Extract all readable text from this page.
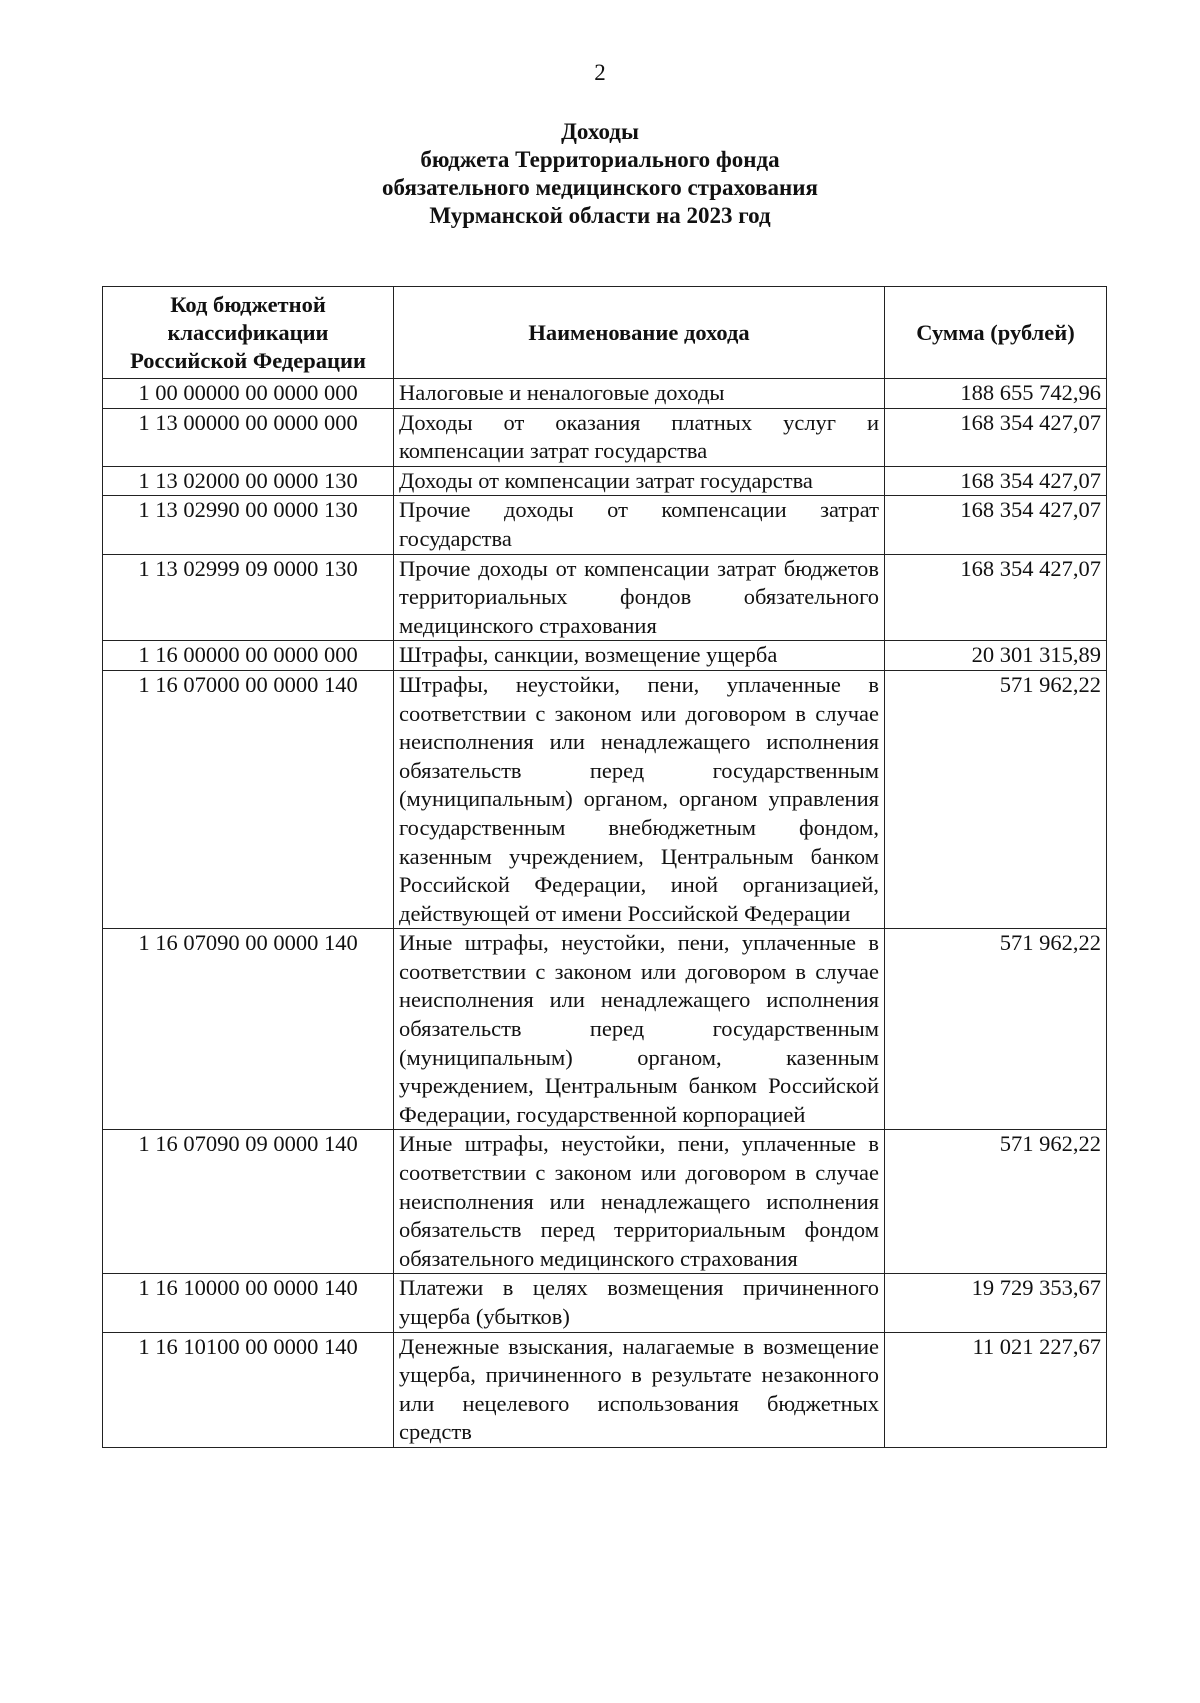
2
Доходы
бюджета Территориального фонда
обязательного медицинского страхования
Мурманской области на 2023 год
Код бюджетной классификации Российской Федерации	Наименование дохода	Сумма (рублей)
1 00 00000 00 0000 000	Налоговые и неналоговые доходы	188 655 742,96
1 13 00000 00 0000 000	Доходы от оказания платных услуг и компенсации затрат государства	168 354 427,07
1 13 02000 00 0000 130	Доходы от компенсации затрат государства	168 354 427,07
1 13 02990 00 0000 130	Прочие доходы от компенсации затрат государства	168 354 427,07
1 13 02999 09 0000 130	Прочие доходы от компенсации затрат бюджетов территориальных фондов обязательного медицинского страхования	168 354 427,07
1 16 00000 00 0000 000	Штрафы, санкции, возмещение ущерба	20 301 315,89
1 16 07000 00 0000 140	Штрафы, неустойки, пени, уплаченные в соответствии с законом или договором в случае неисполнения или ненадлежащего исполнения обязательств перед государственным (муниципальным) органом, органом управления государственным внебюджетным фондом, казенным учреждением, Центральным банком Российской Федерации, иной организацией, действующей от имени Российской Федерации	571 962,22
1 16 07090 00 0000 140	Иные штрафы, неустойки, пени, уплаченные в соответствии с законом или договором в случае неисполнения или ненадлежащего исполнения обязательств перед государственным (муниципальным) органом, казенным учреждением, Центральным банком Российской Федерации, государственной корпорацией	571 962,22
1 16 07090 09 0000 140	Иные штрафы, неустойки, пени, уплаченные в соответствии с законом или договором в случае неисполнения или ненадлежащего исполнения обязательств перед территориальным фондом обязательного медицинского страхования	571 962,22
1 16 10000 00 0000 140	Платежи в целях возмещения причиненного ущерба (убытков)	19 729 353,67
1 16 10100 00 0000 140	Денежные взыскания, налагаемые в возмещение ущерба, причиненного в результате незаконного или нецелевого использования бюджетных средств	11 021 227,67
